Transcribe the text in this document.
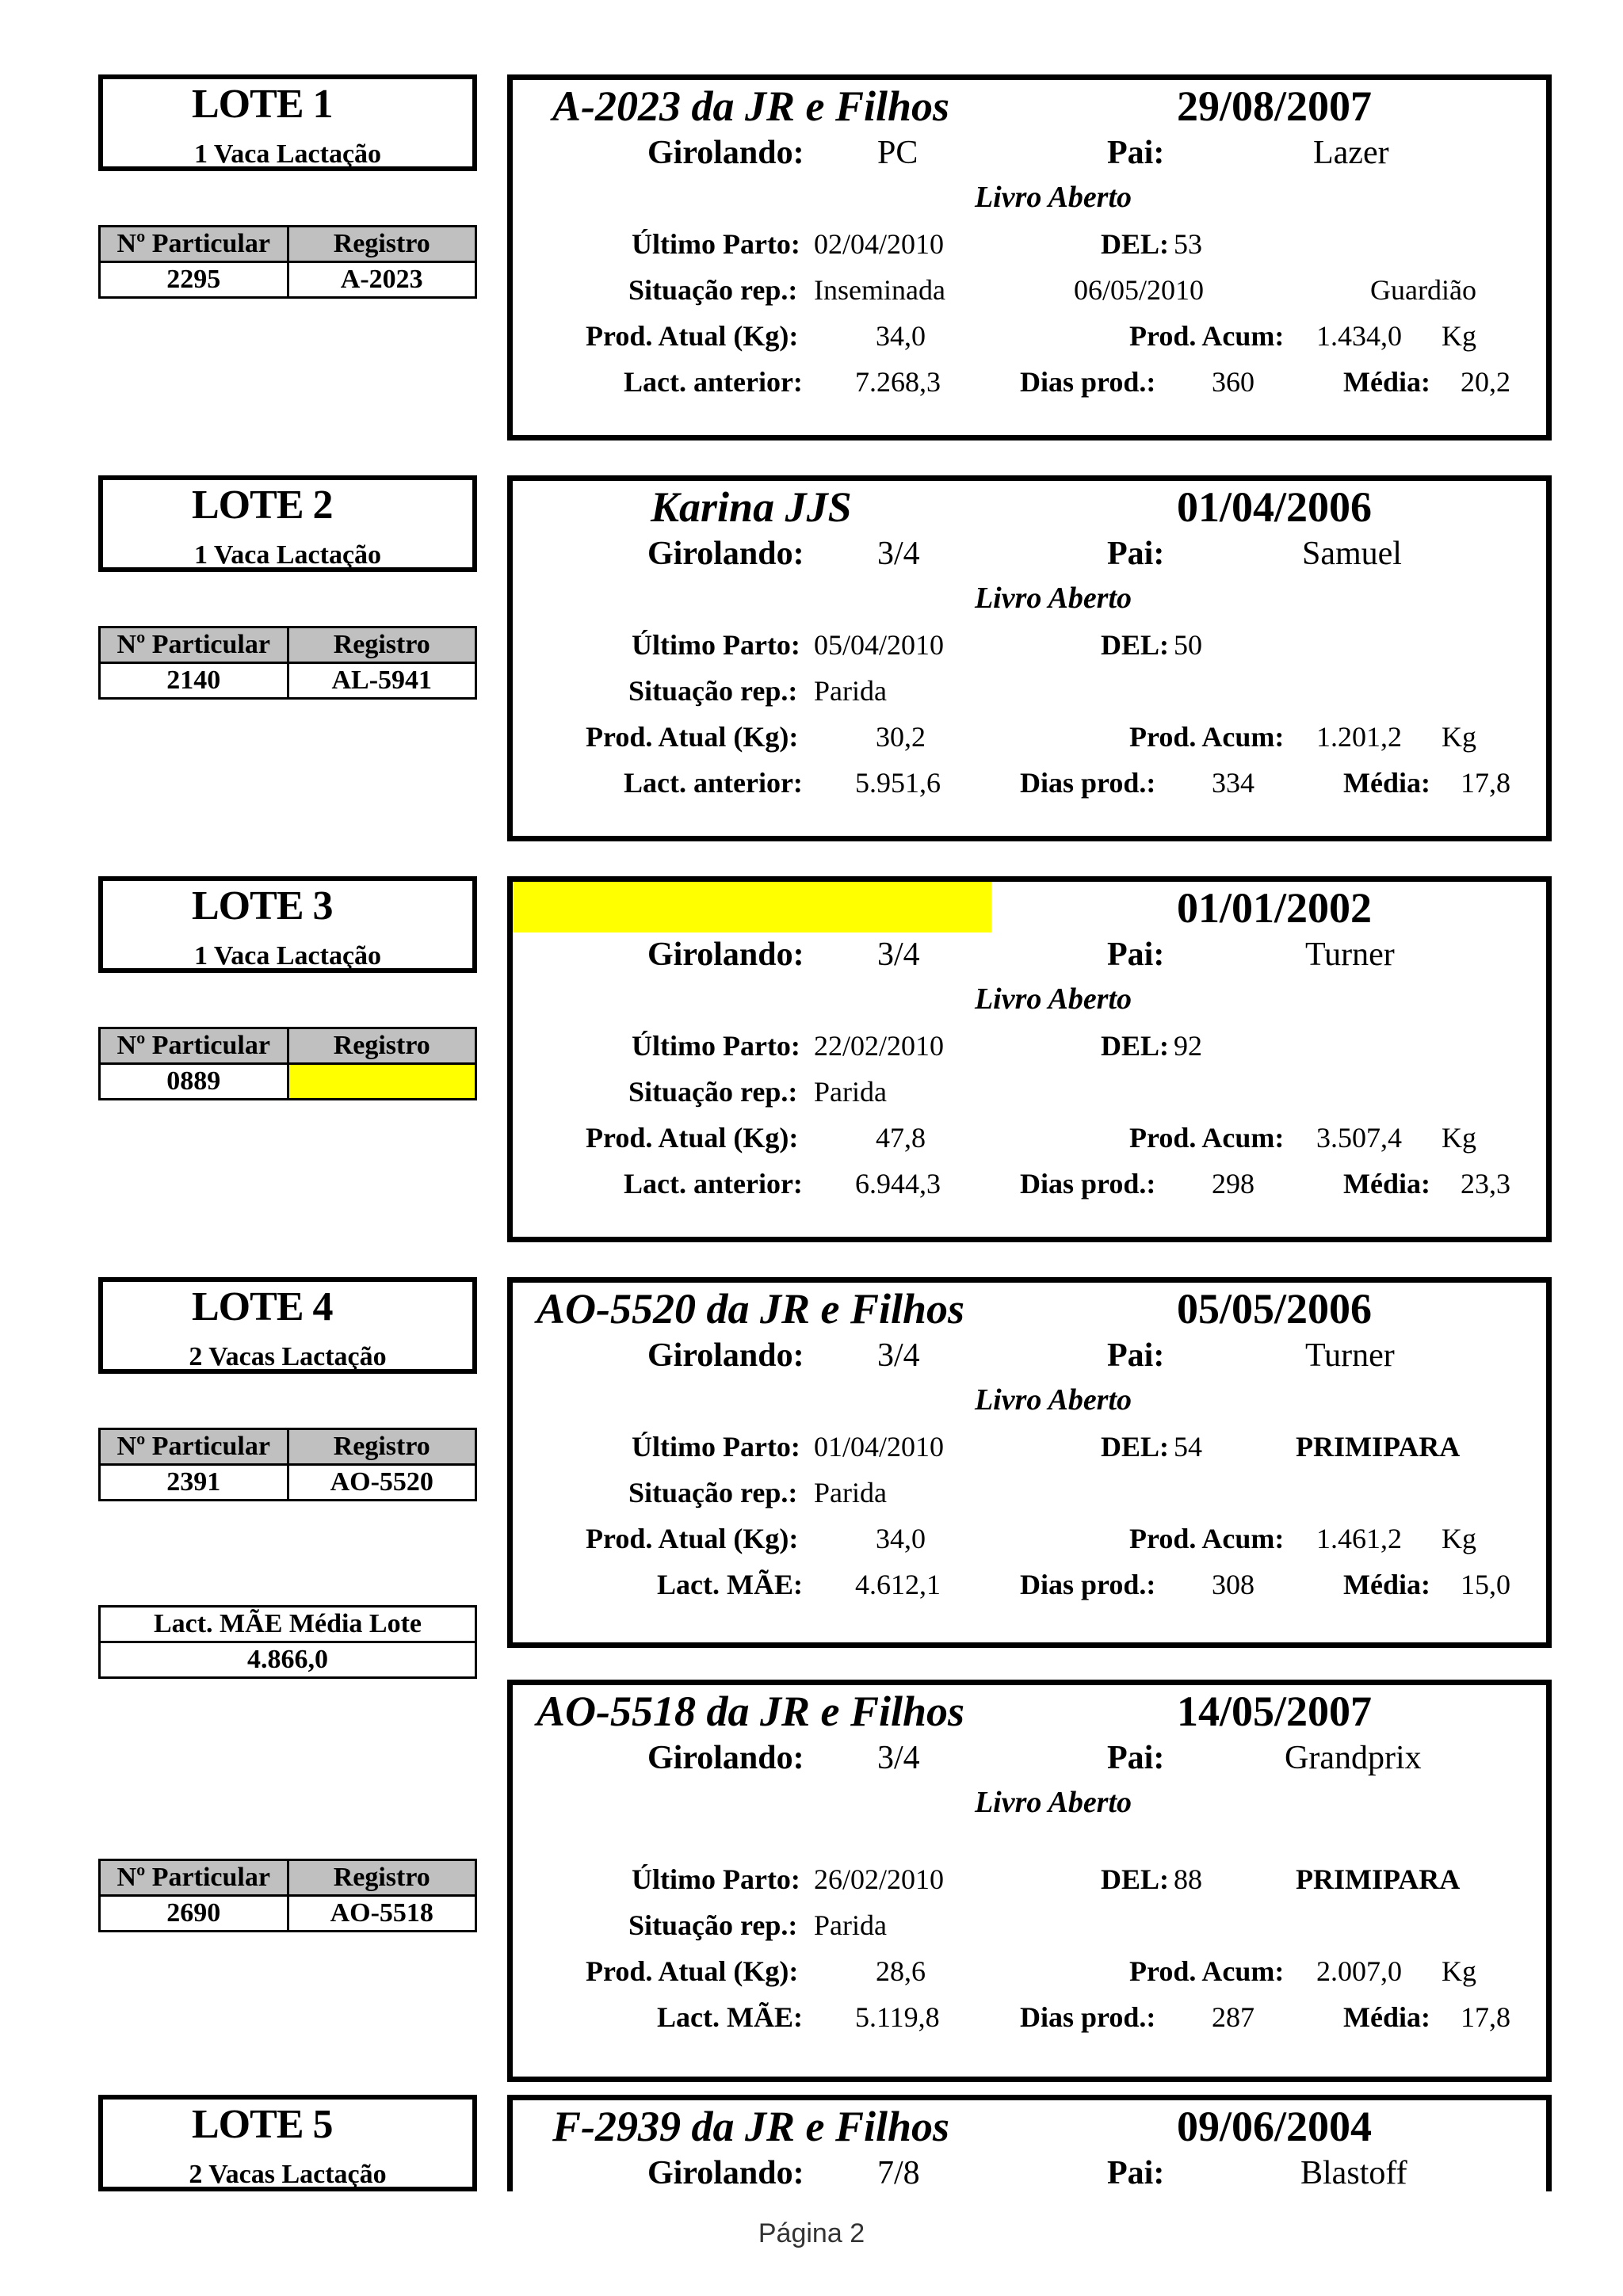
LOTE 1
1 Vaca Lactação
Nº Particular	Registro
2295	A-2023
A-2023 da JR e Filhos	29/08/2007
Girolando: PC	Pai:	Lazer
Livro Aberto
Último Parto: 02/04/2010	DEL: 53
Situação rep.: Inseminada	06/05/2010	Guardião
Prod. Atual (Kg):	34,0	Prod. Acum: 1.434,0 Kg
Lact. anterior: 7.268,3	Dias prod.: 360	Média: 20,2
LOTE 2
1 Vaca Lactação
Nº Particular	Registro
2140	AL-5941
Karina JJS	01/04/2006
Girolando: 3/4	Pai:	Samuel
Livro Aberto
Último Parto: 05/04/2010	DEL: 50
Situação rep.: Parida
Prod. Atual (Kg):	30,2	Prod. Acum: 1.201,2 Kg
Lact. anterior: 5.951,6	Dias prod.: 334	Média: 17,8
LOTE 3
1 Vaca Lactação
Nº Particular	Registro
0889	
01/01/2002
Girolando: 3/4	Pai:	Turner
Livro Aberto
Último Parto: 22/02/2010	DEL: 92
Situação rep.: Parida
Prod. Atual (Kg):	47,8	Prod. Acum: 3.507,4 Kg
Lact. anterior: 6.944,3	Dias prod.: 298	Média: 23,3
LOTE 4
2 Vacas Lactação
Nº Particular	Registro
2391	AO-5520
Lact. MÃE Média Lote
4.866,0
AO-5520 da JR e Filhos	05/05/2006
Girolando: 3/4	Pai:	Turner
Livro Aberto
Último Parto: 01/04/2010	DEL: 54	PRIMIPARA
Situação rep.: Parida
Prod. Atual (Kg):	34,0	Prod. Acum: 1.461,2 Kg
Lact. MÃE: 4.612,1	Dias prod.: 308	Média: 15,0
Nº Particular	Registro
2690	AO-5518
AO-5518 da JR e Filhos	14/05/2007
Girolando: 3/4	Pai:	Grandprix
Livro Aberto
Último Parto: 26/02/2010	DEL: 88	PRIMIPARA
Situação rep.: Parida
Prod. Atual (Kg):	28,6	Prod. Acum: 2.007,0 Kg
Lact. MÃE: 5.119,8	Dias prod.: 287	Média: 17,8
LOTE 5
2 Vacas Lactação
F-2939 da JR e Filhos	09/06/2004
Girolando: 7/8	Pai:	Blastoff
Página 2
